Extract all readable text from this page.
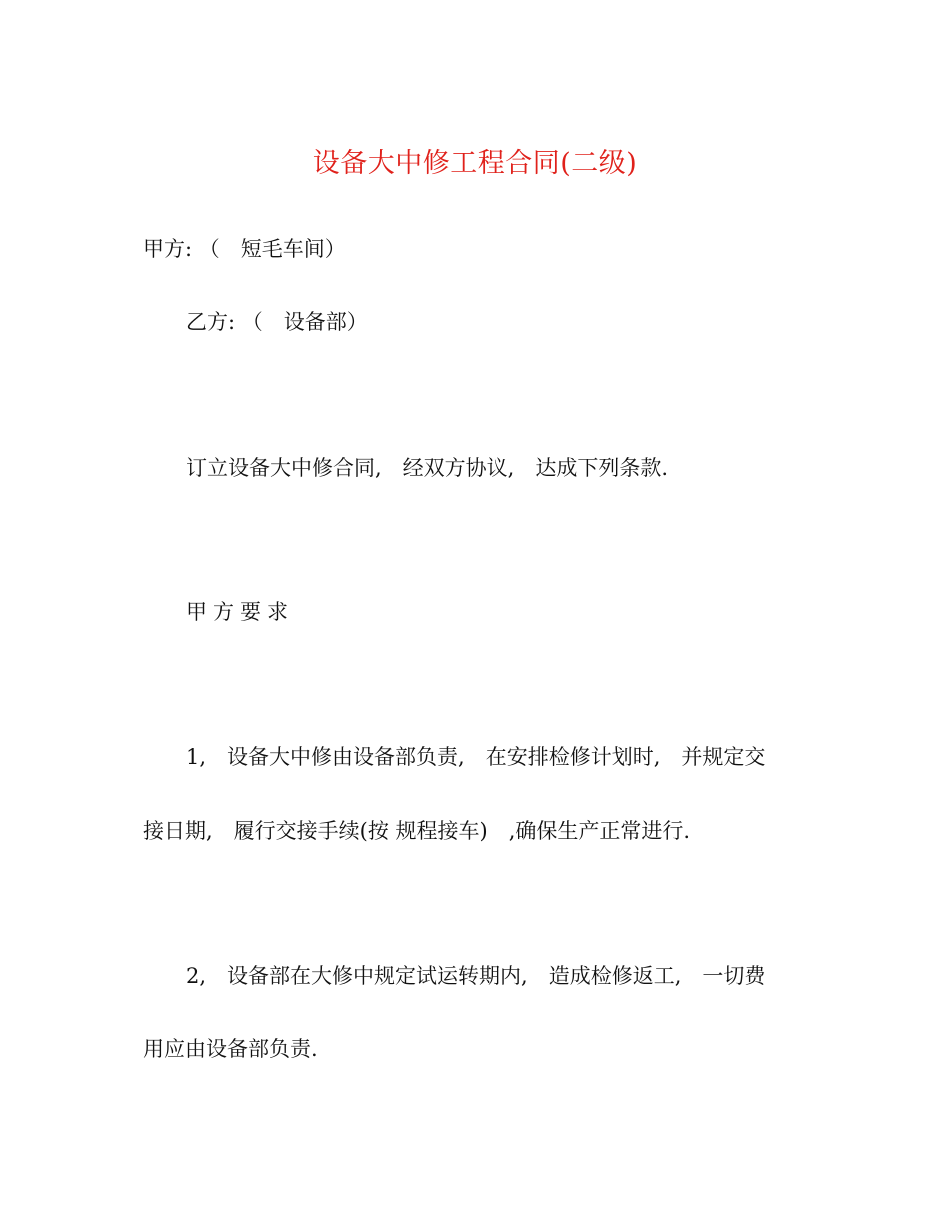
设备大中修工程合同(二级)
甲方: （　短毛车间）
乙方: （　设备部）
订立设备大中修合同,　经双方协议,　达成下列条款.
甲方要求
1,　设备大中修由设备部负责,　在安排检修计划时,　并规定交
接日期,　履行交接手续(按 规程接车)　,确保生产正常进行.
2,　设备部在大修中规定试运转期内,　造成检修返工,　一切费
用应由设备部负责.
